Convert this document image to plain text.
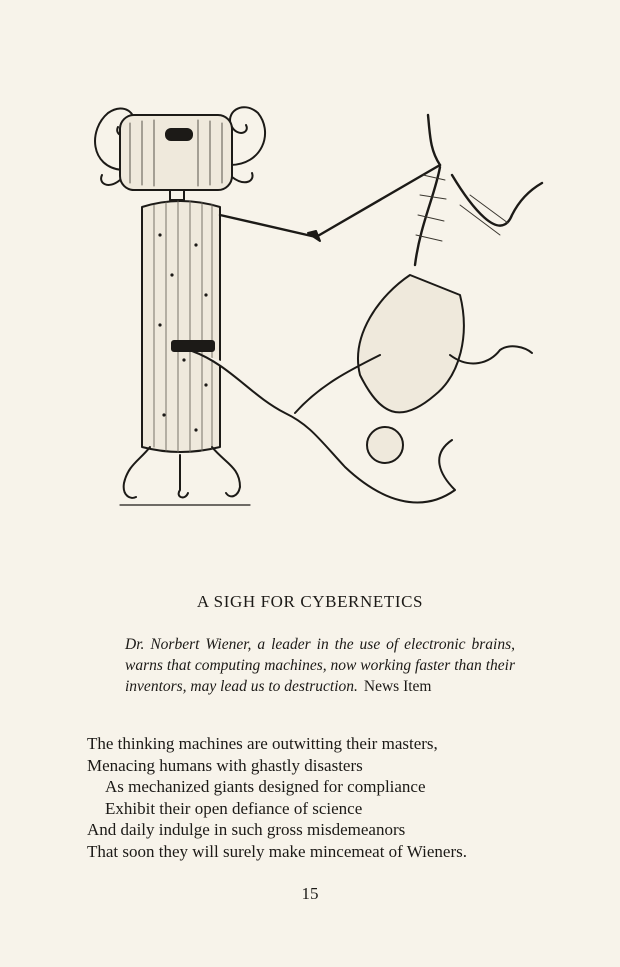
A SIGH FOR CYBERNETICS
Dr. Norbert Wiener, a leader in the use of electronic brains, warns that computing machines, now working faster than their inventors, may lead us to destruction. News Item
The thinking machines are outwitting their masters,
Menacing humans with ghastly disasters
As mechanized giants designed for compliance
Exhibit their open defiance of science
And daily indulge in such gross misdemeanors
That soon they will surely make mincemeat of Wieners.
15
